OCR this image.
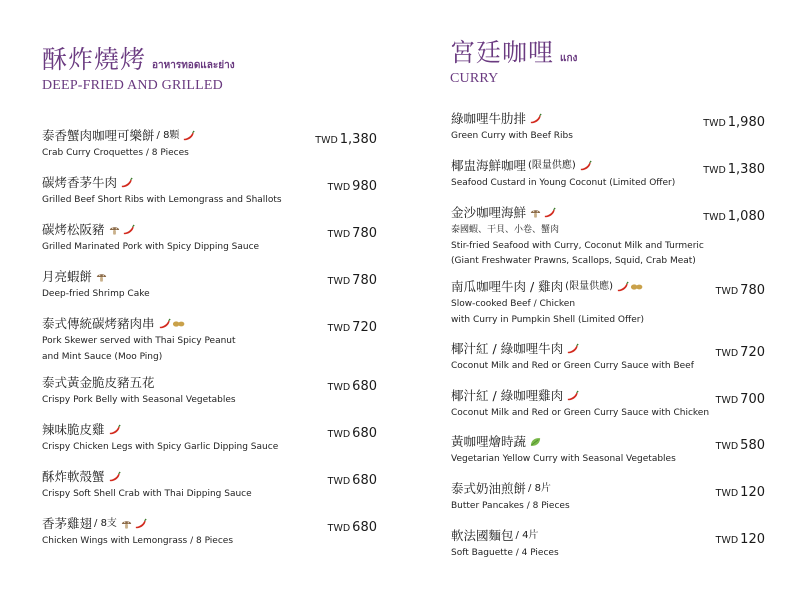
酥炸燒烤 อาหารทอดและย่าง
DEEP-FRIED AND GRILLED
宮廷咖哩 แกง
CURRY
泰香蟹肉咖哩可樂餅 / 8顆
Crab Curry Croquettes / 8 Pieces
TWD 1,380
碳烤香茅牛肉
Grilled Beef Short Ribs with Lemongrass and Shallots
TWD 980
碳烤松阪豬
Grilled Marinated Pork with Spicy Dipping Sauce
TWD 780
月亮蝦餅
Deep-fried Shrimp Cake
TWD 780
泰式傳統碳烤豬肉串
Pork Skewer served with Thai Spicy Peanut
and Mint Sauce (Moo Ping)
TWD 720
泰式黃金脆皮豬五花
Crispy Pork Belly with Seasonal Vegetables
TWD 680
辣味脆皮雞
Crispy Chicken Legs with Spicy Garlic Dipping Sauce
TWD 680
酥炸軟殼蟹
Crispy Soft Shell Crab with Thai Dipping Sauce
TWD 680
香茅雞翅 / 8支
Chicken Wings with Lemongrass / 8 Pieces
TWD 680
綠咖哩牛肋排
Green Curry with Beef Ribs
TWD 1,980
椰盅海鮮咖哩 (限量供應)
Seafood Custard in Young Coconut (Limited Offer)
TWD 1,380
金沙咖哩海鮮
泰國蝦、干貝、小卷、蟹肉
Stir-fried Seafood with Curry, Coconut Milk and Turmeric
(Giant Freshwater Prawns, Scallops, Squid, Crab Meat)
TWD 1,080
南瓜咖哩牛肉 / 雞肉 (限量供應)
Slow-cooked Beef / Chicken
with Curry in Pumpkin Shell (Limited Offer)
TWD 780
椰汁紅 / 綠咖哩牛肉
Coconut Milk and Red or Green Curry Sauce with Beef
TWD 720
椰汁紅 / 綠咖哩雞肉
Coconut Milk and Red or Green Curry Sauce with Chicken
TWD 700
黃咖哩燴時蔬
Vegetarian Yellow Curry with Seasonal Vegetables
TWD 580
泰式奶油煎餅 / 8片
Butter Pancakes / 8 Pieces
TWD 120
軟法國麵包 / 4片
Soft Baguette / 4 Pieces
TWD 120
